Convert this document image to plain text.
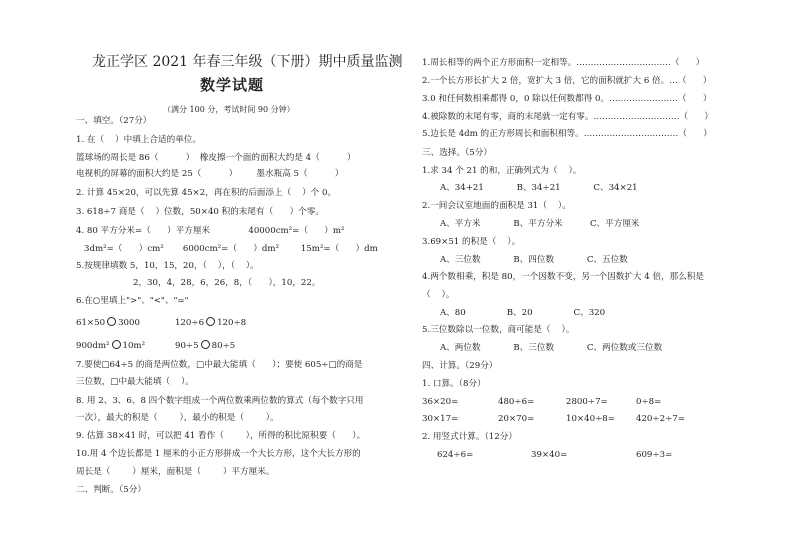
龙正学区 2021 年春三年级（下册）期中质量监测
数学试题
（满分 100 分，考试时间 90 分钟）
一、填空。（27分）
1. 在（    ）中填上合适的单位。
篮球场的周长是 86（          ）  橡皮擦一个面的面积大约是 4（          ）
电视机的屏幕的面积大约是 25（          ）       墨水瓶高 5（          ）
2. 计算 45×20，可以先算 45×2，再在积的后面添上（    ）个 0。
3. 618÷7 商是（    ）位数，50×40 积的末尾有（      ）个零。
4. 80 平方分米=（      ）平方厘米              40000cm²=（      ）m²
3dm²=（      ）cm²       6000cm²=（      ）dm²        15m²=（      ）dm
5.按规律填数 5，10，15，20，（    ），（    ）。
2，30，4，28，6，26，8，（      ），10，22。
6.在○里填上">"、"<"、"="
61×50 3000	120÷6 120÷8
900dm² 10m²	90÷5 80÷5
7.要使□64÷5 的商是两位数，□中最大能填（      ）；要使 605÷□的商是
三位数，□中最大能填（    ）。
8. 用 2、3、6、8 四个数字组成一个两位数乘两位数的算式（每个数字只用
一次），最大的积是（        ），最小的积是（        ）。
9. 估算 38×41 时，可以把 41 看作（        ），所得的积比原积要（      ）。
10.用 4 个边长都是 1 厘米的小正方形拼成一个大长方形，这个大长方形的
周长是（        ）厘米，面积是（        ）平方厘米。
二、判断。（5分）
1.周长相等的两个正方形面积一定相等。……………………………（      ）
2.一个长方形长扩大 2 倍，宽扩大 3 倍，它的面积就扩大 6 倍。…（      ）
3.0 和任何数相乘都得 0，0 除以任何数都得 0。……………………（      ）
4.被除数的末尾有零，商的末尾就一定有零。…………………………（      ）
5.边长是 4dm 的正方形周长和面积相等。……………………………（      ）
三、选择。（5分）
1.求 34 个 21 的和，正确列式为（    ）。
A、34+21            B、34÷21            C、34×21
2.一间会议室地面的面积是 31（    ）。
A、平方米            B、平方分米          C、平方厘米
3.69×51 的积是（    ）。
A、三位数            B、四位数            C、五位数
4.两个数相乘，积是 80，一个因数不变，另一个因数扩大 4 倍，那么积是
（    ）。
A、80               B、20               C、320
5.三位数除以一位数，商可能是（    ）。
A、两位数            B、三位数            C、两位数或三位数
四、计算。（29分）
1. 口算。（8分）
36×20=	480÷6=	2800÷7=	0÷8=
30×17=	20×70=	10×40÷8= 420÷2÷7=
2. 用竖式计算。（12分）
624÷6=	39×40=	609÷3=
